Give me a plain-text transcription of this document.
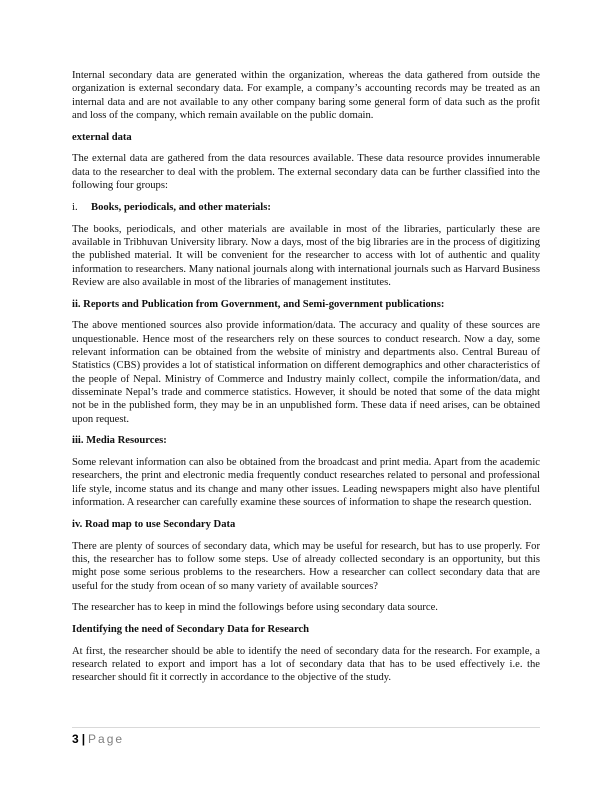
Internal secondary data are generated within the organization, whereas the data gathered from outside the organization is external secondary data. For example, a company’s accounting records may be treated as an internal data and are not available to any other company baring some general form of data such as the profit and loss of the company, which remain available on the public domain.

external data

The external data are gathered from the data resources available. These data resource provides innumerable data to the researcher to deal with the problem. The external secondary data can be further classified into the following four groups:

i.	Books, periodicals, and other materials:

The books, periodicals, and other materials are available in most of the libraries, particularly these are available in Tribhuvan University library. Now a days, most of the big libraries are in the process of digitizing the published material. It will be convenient for the researcher to access with lot of authentic and quality information to researchers. Many national journals along with international journals such as Harvard Business Review are also available in most of the libraries of management institutes.

ii. Reports and Publication from Government, and Semi-government publications:

The above mentioned sources also provide information/data. The accuracy and quality of these sources are unquestionable. Hence most of the researchers rely on these sources to conduct research. Now a day, some relevant information can be obtained from the website of ministry and departments also. Central Bureau of Statistics (CBS) provides a lot of statistical information on different demographics and other characteristics of the people of Nepal. Ministry of Commerce and Industry mainly collect, compile the information/data, and disseminate Nepal’s trade and commerce statistics. However, it should be noted that some of the data might not be in the published form, they may be in an unpublished form. These data if need arises, can be obtained upon request.

iii. Media Resources:

Some relevant information can also be obtained from the broadcast and print media. Apart from the academic researchers, the print and electronic media frequently conduct researches related to personal and professional life style, income status and its change and many other issues. Leading newspapers might also have plentiful information. A researcher can carefully examine these sources of information to shape the research question.

iv. Road map to use Secondary Data

There are plenty of sources of secondary data, which may be useful for research, but has to use properly. For this, the researcher has to follow some steps. Use of already collected secondary is an opportunity, but this might pose some serious problems to the researchers. How a researcher can collect secondary data that are useful for the study from ocean of so many variety of available sources?

The researcher has to keep in mind the followings before using secondary data source.

Identifying the need of Secondary Data for Research

At first, the researcher should be able to identify the need of secondary data for the research. For example, a research related to export and import has a lot of secondary data that has to be used effectively i.e. the researcher should fit it correctly in accordance to the objective of the study.

3 | Page
